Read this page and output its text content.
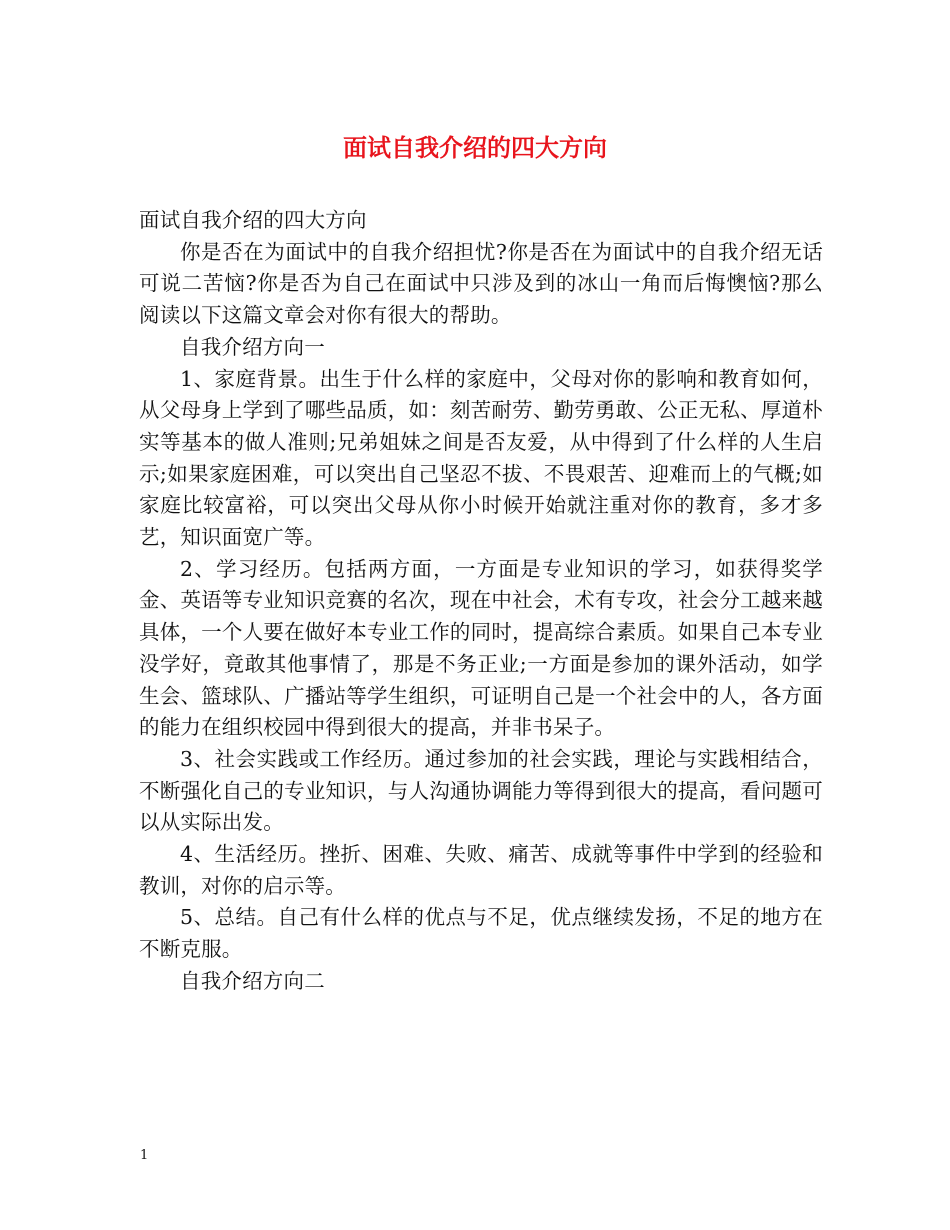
面试自我介绍的四大方向

面试自我介绍的四大方向

你是否在为面试中的自我介绍担忧?你是否在为面试中的自我介绍无话可说二苦恼?你是否为自己在面试中只涉及到的冰山一角而后悔懊恼?那么阅读以下这篇文章会对你有很大的帮助。

自我介绍方向一

1、家庭背景。出生于什么样的家庭中，父母对你的影响和教育如何，从父母身上学到了哪些品质，如：刻苦耐劳、勤劳勇敢、公正无私、厚道朴实等基本的做人准则;兄弟姐妹之间是否友爱，从中得到了什么样的人生启示;如果家庭困难，可以突出自己坚忍不拔、不畏艰苦、迎难而上的气概;如家庭比较富裕，可以突出父母从你小时候开始就注重对你的教育，多才多艺，知识面宽广等。

2、学习经历。包括两方面，一方面是专业知识的学习，如获得奖学金、英语等专业知识竞赛的名次，现在中社会，术有专攻，社会分工越来越具体，一个人要在做好本专业工作的同时，提高综合素质。如果自己本专业没学好，竟敢其他事情了，那是不务正业;一方面是参加的课外活动，如学生会、篮球队、广播站等学生组织，可证明自己是一个社会中的人，各方面的能力在组织校园中得到很大的提高，并非书呆子。

3、社会实践或工作经历。通过参加的社会实践，理论与实践相结合，不断强化自己的专业知识，与人沟通协调能力等得到很大的提高，看问题可以从实际出发。

4、生活经历。挫折、困难、失败、痛苦、成就等事件中学到的经验和教训，对你的启示等。

5、总结。自己有什么样的优点与不足，优点继续发扬，不足的地方在不断克服。

自我介绍方向二

1
